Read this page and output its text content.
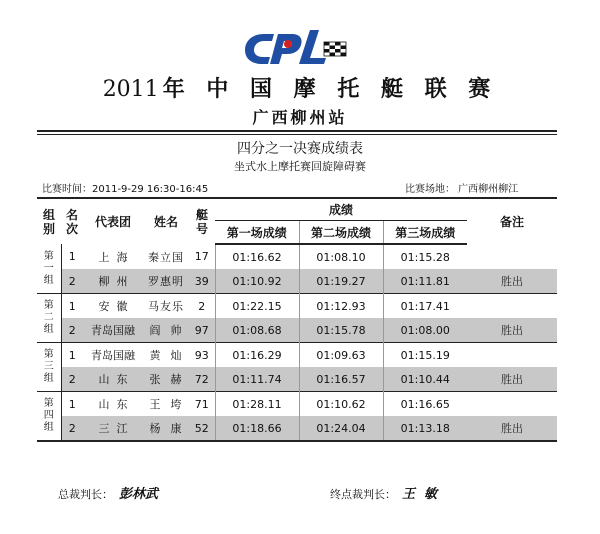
2011 年 中 国 摩 托 艇 联 赛
广西柳州站
四分之一决赛成绩表
坐式水上摩托赛回旋障碍赛
比赛时间：2011-9-29 16:30-16:45	比赛场地： 广西柳州柳江
组别	名次	代表团	姓名	艇号	成绩			备注
					第一场成绩	第二场成绩	第三场成绩	

第一组	1	上  海	秦立国	17	01:16.62	01:08.10	01:15.28	
	2	柳  州	罗惠明	39	01:10.92	01:19.27	01:11.81	胜出

第二组	1	安  徽	马友乐	2	01:22.15	01:12.93	01:17.41	
	2	青岛国融	阎  帅	97	01:08.68	01:15.78	01:08.00	胜出

第三组	1	青岛国融	黄  灿	93	01:16.29	01:09.63	01:15.19	
	2	山  东	张  赫	72	01:11.74	01:16.57	01:10.44	胜出

第四组	1	山  东	王  垮	71	01:28.11	01:10.62	01:16.65	
	2	三  江	杨  康	52	01:18.66	01:24.04	01:13.18	胜出
总裁判长： 彭林武	终点裁判长： 王  敏
